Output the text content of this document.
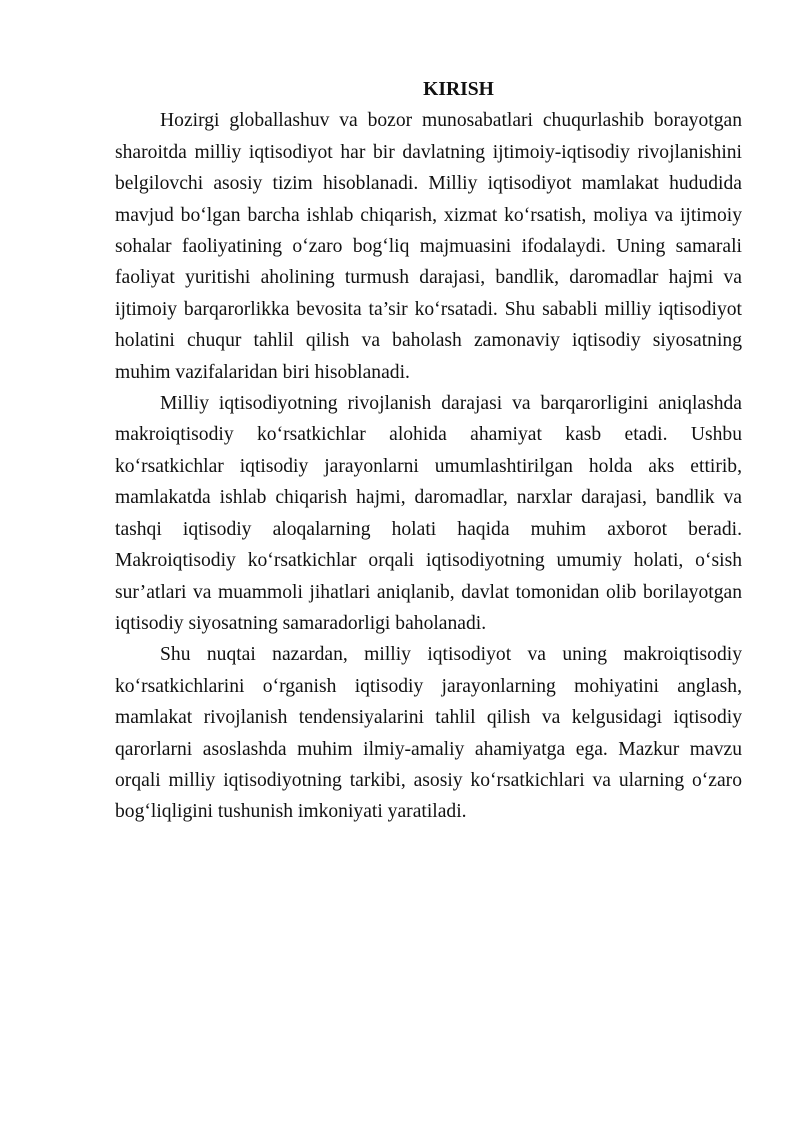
KIRISH

Hozirgi globallashuv va bozor munosabatlari chuqurlashib borayotgan sharoitda milliy iqtisodiyot har bir davlatning ijtimoiy-iqtisodiy rivojlanishini belgilovchi asosiy tizim hisoblanadi. Milliy iqtisodiyot mamlakat hududida mavjud bo‘lgan barcha ishlab chiqarish, xizmat ko‘rsatish, moliya va ijtimoiy sohalar faoliyatining o‘zaro bog‘liq majmuasini ifodalaydi. Uning samarali faoliyat yuritishi aholining turmush darajasi, bandlik, daromadlar hajmi va ijtimoiy barqarorlikka bevosita ta’sir ko‘rsatadi. Shu sababli milliy iqtisodiyot holatini chuqur tahlil qilish va baholash zamonaviy iqtisodiy siyosatning muhim vazifalaridan biri hisoblanadi.

Milliy iqtisodiyotning rivojlanish darajasi va barqarorligini aniqlashda makroiqtisodiy ko‘rsatkichlar alohida ahamiyat kasb etadi. Ushbu ko‘rsatkichlar iqtisodiy jarayonlarni umumlashtirilgan holda aks ettirib, mamlakatda ishlab chiqarish hajmi, daromadlar, narxlar darajasi, bandlik va tashqi iqtisodiy aloqalarning holati haqida muhim axborot beradi. Makroiqtisodiy ko‘rsatkichlar orqali iqtisodiyotning umumiy holati, o‘sish sur’atlari va muammoli jihatlari aniqlanib, davlat tomonidan olib borilayotgan iqtisodiy siyosatning samaradorligi baholanadi.

Shu nuqtai nazardan, milliy iqtisodiyot va uning makroiqtisodiy ko‘rsatkichlarini o‘rganish iqtisodiy jarayonlarning mohiyatini anglash, mamlakat rivojlanish tendensiyalarini tahlil qilish va kelgusidagi iqtisodiy qarorlarni asoslashda muhim ilmiy-amaliy ahamiyatga ega. Mazkur mavzu orqali milliy iqtisodiyotning tarkibi, asosiy ko‘rsatkichlari va ularning o‘zaro bog‘liqligini tushunish imkoniyati yaratiladi.
